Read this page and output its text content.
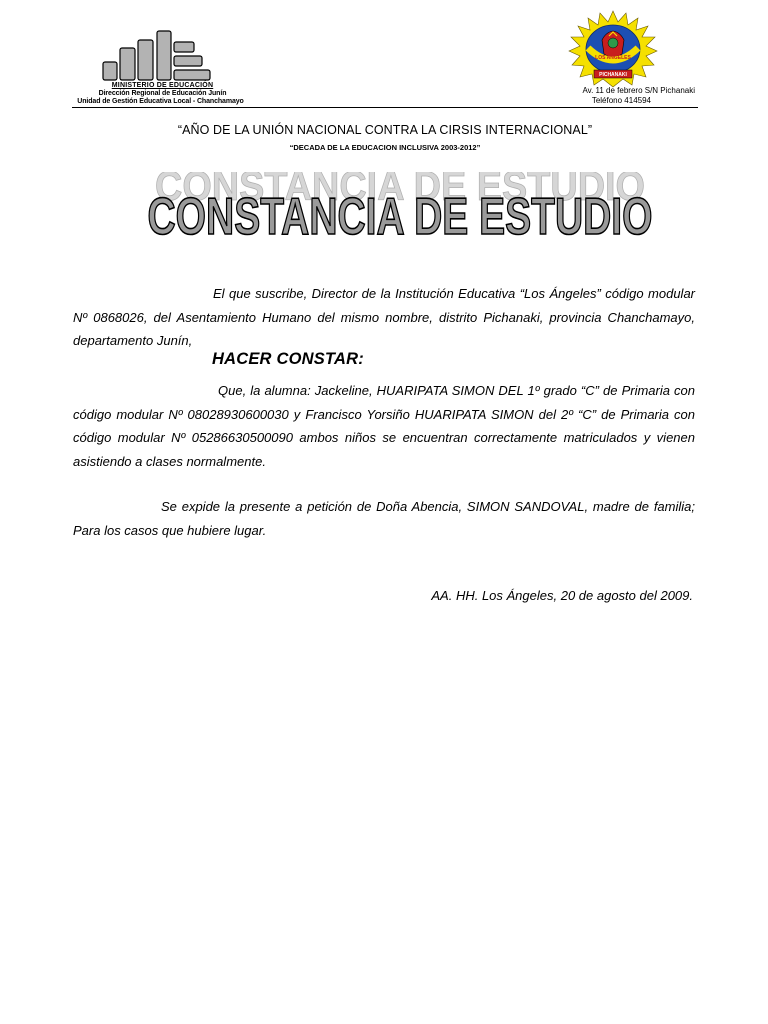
MINISTERIO DE EDUCACIÓN
Dirección Regional de Educación Junín
Unidad de Gestión Educativa Local - Chanchamayo
LOS ANGELES
PICHANAKI
Av. 11 de febrero S/N Pichanaki
Teléfono 414594
“AÑO DE LA UNIÓN NACIONAL CONTRA LA CIRSIS INTERNACIONAL”
“DECADA DE LA EDUCACION INCLUSIVA 2003-2012”
CONSTANCIA DE ESTUDIO
CONSTANCIA DE ESTUDIO
El que suscribe, Director de la Institución Educativa “Los Ángeles” código modular Nº 0868026, del Asentamiento Humano del mismo nombre, distrito Pichanaki, provincia Chanchamayo, departamento Junín,
HACER CONSTAR:
Que, la alumna: Jackeline, HUARIPATA SIMON DEL 1º grado “C” de Primaria con código modular Nº 08028930600030 y Francisco Yorsiño HUARIPATA SIMON del 2º “C” de Primaria con código modular Nº 05286630500090 ambos niños se encuentran correctamente matriculados y vienen asistiendo a clases normalmente.
Se expide la presente a petición de Doña Abencia, SIMON SANDOVAL, madre de familia; Para los casos que hubiere lugar.
AA. HH. Los Ángeles, 20 de agosto del 2009.
